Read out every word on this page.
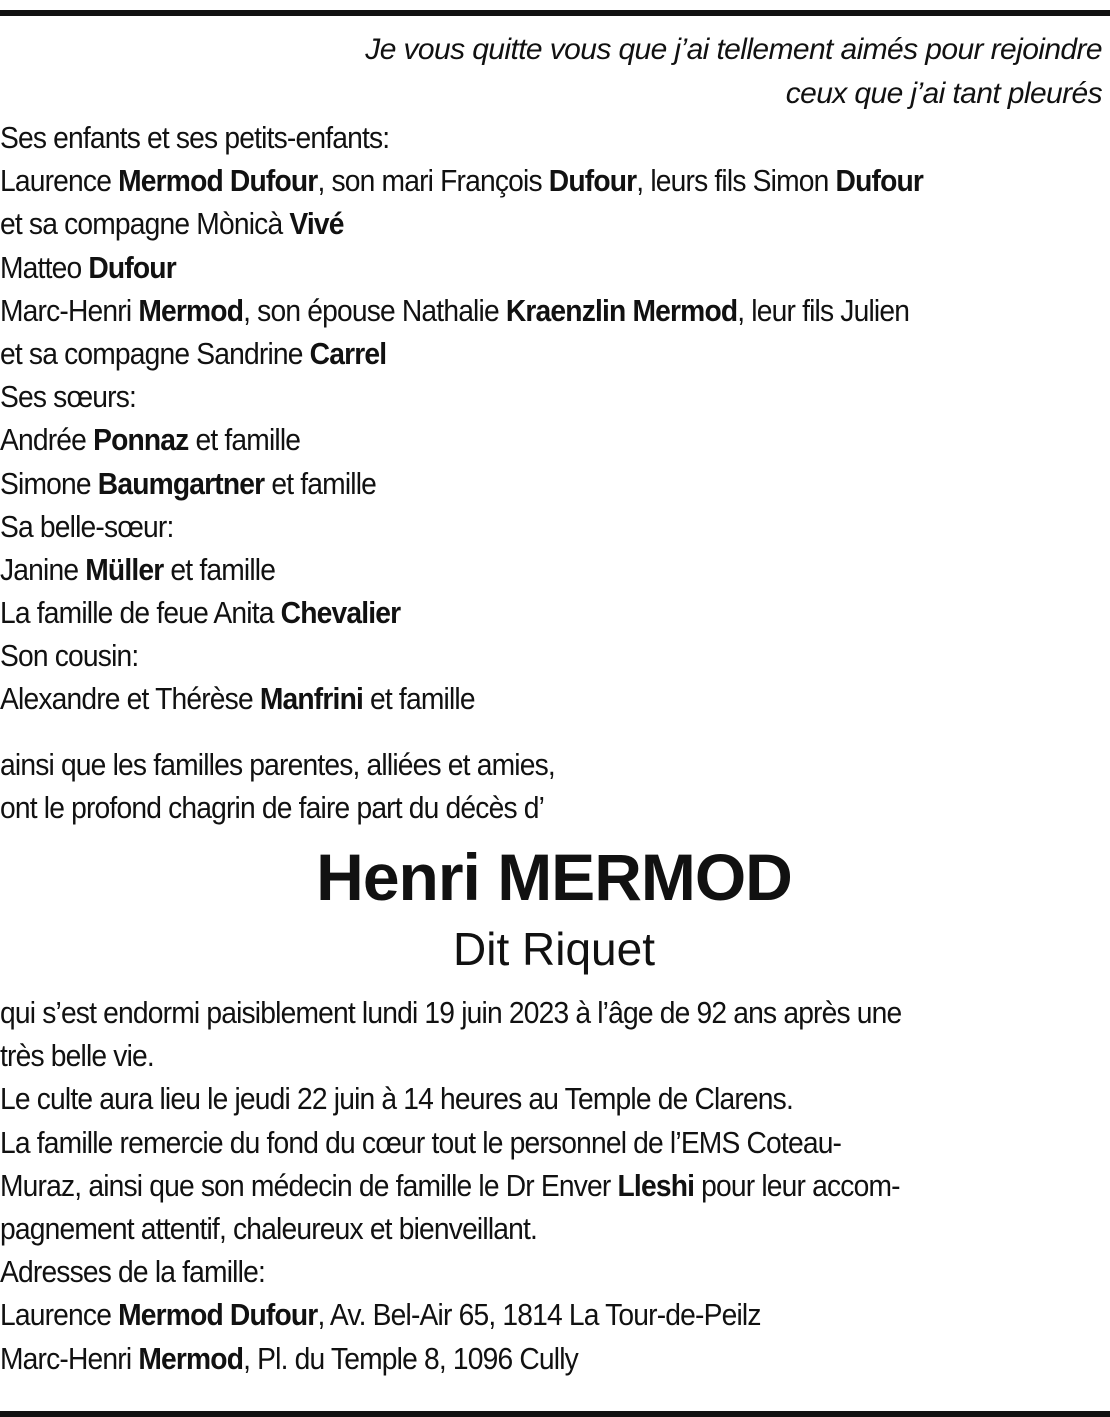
Je vous quitte vous que j’ai tellement aimés pour rejoindre
ceux que j’ai tant pleurés
Ses enfants et ses petits-enfants:
Laurence Mermod Dufour, son mari François Dufour, leurs fils Simon Dufour
et sa compagne Mònicà Vivé
Matteo Dufour
Marc-Henri Mermod, son épouse Nathalie Kraenzlin Mermod, leur fils Julien
et sa compagne Sandrine Carrel
Ses sœurs:
Andrée Ponnaz et famille
Simone Baumgartner et famille
Sa belle-sœur:
Janine Müller et famille
La famille de feue Anita Chevalier
Son cousin:
Alexandre et Thérèse Manfrini et famille
ainsi que les familles parentes, alliées et amies,
ont le profond chagrin de faire part du décès d’
Henri MERMOD
Dit Riquet
qui s’est endormi paisiblement lundi 19 juin 2023 à l’âge de 92 ans après une
très belle vie.
Le culte aura lieu le jeudi 22 juin à 14 heures au Temple de Clarens.
La famille remercie du fond du cœur tout le personnel de l’EMS Coteau-
Muraz, ainsi que son médecin de famille le Dr Enver Lleshi pour leur accom-
pagnement attentif, chaleureux et bienveillant.
Adresses de la famille:
Laurence Mermod Dufour, Av. Bel-Air 65, 1814 La Tour-de-Peilz
Marc-Henri Mermod, Pl. du Temple 8, 1096 Cully
